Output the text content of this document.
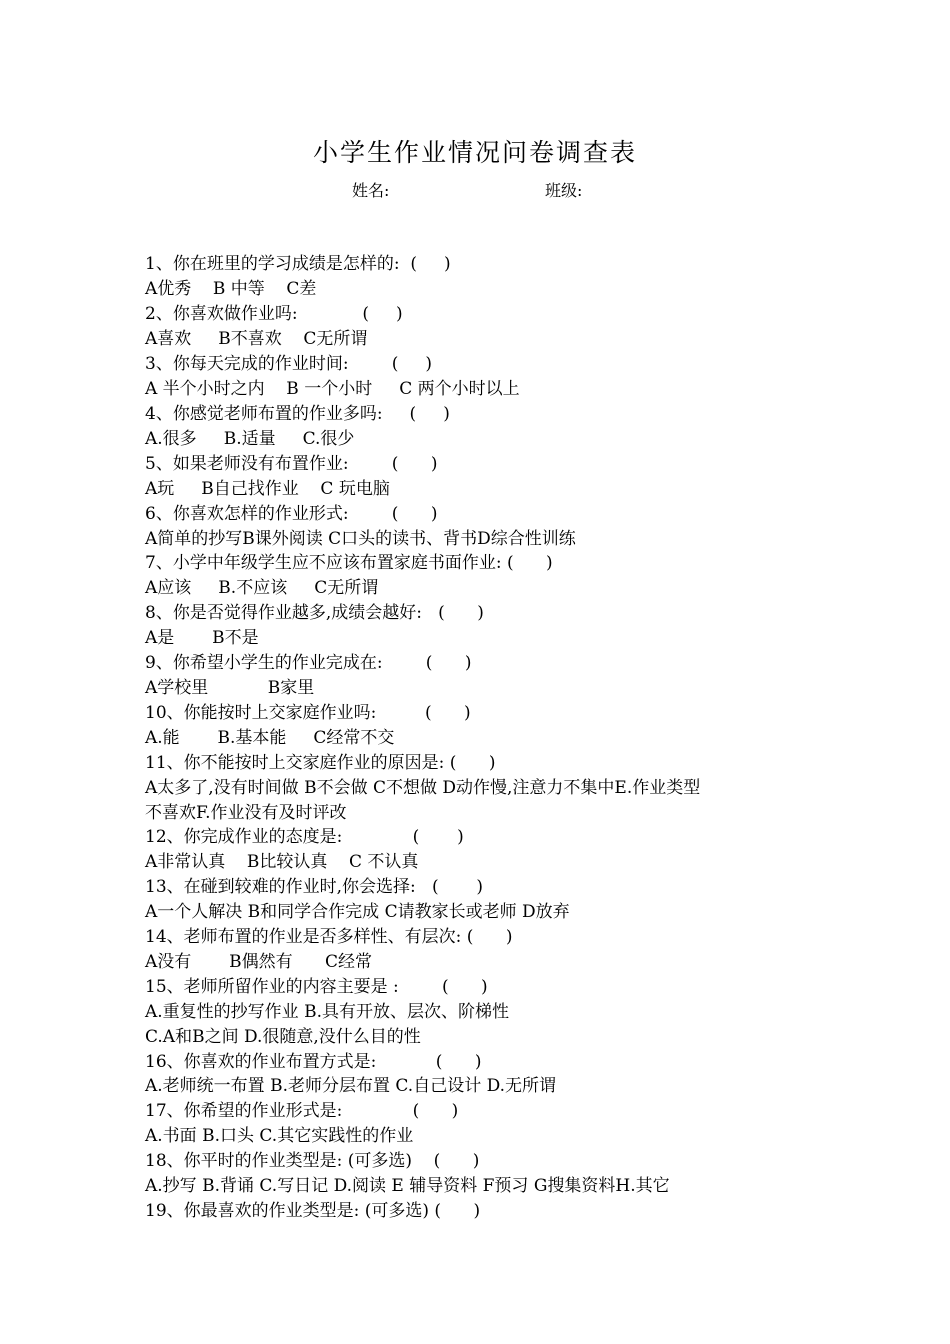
小学生作业情况问卷调查表
姓名:	班级:
1、你在班里的学习成绩是怎样的:  (     )
A优秀    B 中等    C差
2、你喜欢做作业吗:            (     )
A喜欢     B不喜欢    C无所谓
3、你每天完成的作业时间:        (     )
A 半个小时之内    B 一个小时     C 两个小时以上
4、你感觉老师布置的作业多吗:     (     )
A.很多     B.适量     C.很少
5、如果老师没有布置作业:        (      )
A玩     B自己找作业    C 玩电脑
6、你喜欢怎样的作业形式:        (      )
A简单的抄写B课外阅读 C口头的读书、背书D综合性训练
7、小学中年级学生应不应该布置家庭书面作业: (      )
A应该     B.不应该     C无所谓
8、你是否觉得作业越多,成绩会越好:   (      )
A是       B不是
9、你希望小学生的作业完成在:        (      )
A学校里           B家里
10、你能按时上交家庭作业吗:         (      )
A.能       B.基本能     C经常不交
11、你不能按时上交家庭作业的原因是: (      )
A太多了,没有时间做 B不会做 C不想做 D动作慢,注意力不集中E.作业类型
不喜欢F.作业没有及时评改
12、你完成作业的态度是:             (       )
A非常认真    B比较认真    C 不认真
13、在碰到较难的作业时,你会选择:   (       )
A一个人解决 B和同学合作完成 C请教家长或老师 D放弃
14、老师布置的作业是否多样性、有层次: (      )
A没有       B偶然有      C经常
15、老师所留作业的内容主要是 :        (      )
A.重复性的抄写作业 B.具有开放、层次、阶梯性
C.A和B之间 D.很随意,没什么目的性
16、你喜欢的作业布置方式是:           (      )
A.老师统一布置 B.老师分层布置 C.自己设计 D.无所谓
17、你希望的作业形式是:             (      )
A.书面 B.口头 C.其它实践性的作业
18、你平时的作业类型是: (可多选)    (      )
A.抄写 B.背诵 C.写日记 D.阅读 E 辅导资料 F预习 G搜集资料H.其它
19、你最喜欢的作业类型是: (可多选) (      )
